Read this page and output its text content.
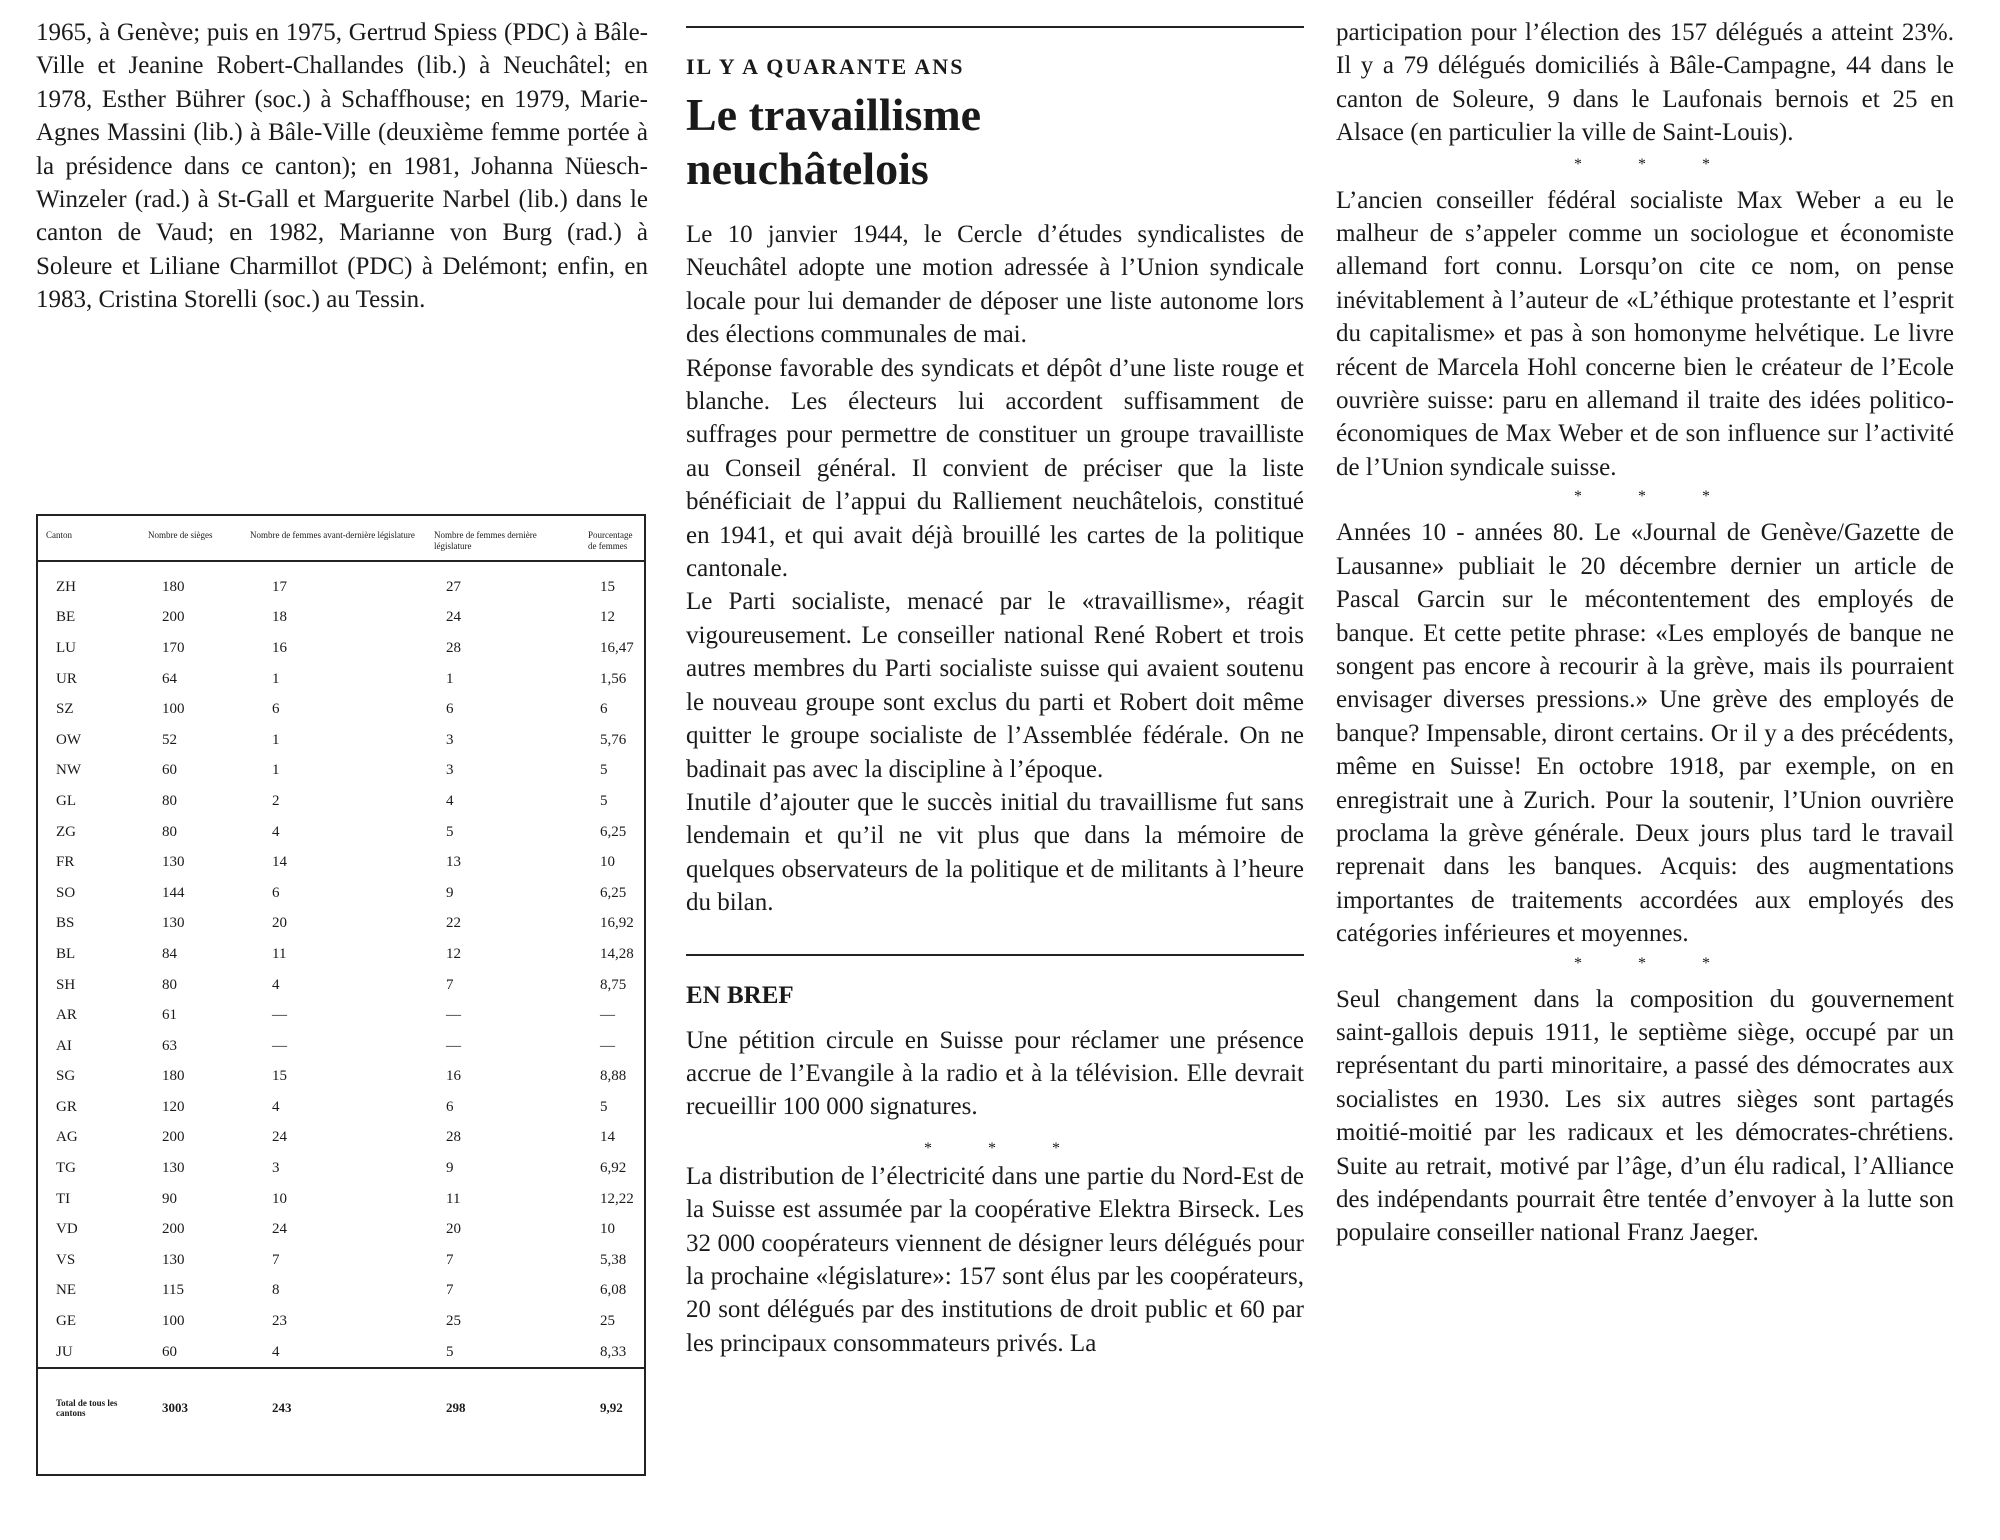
1965, à Genève; puis en 1975, Gertrud Spiess (PDC) à Bâle-Ville et Jeanine Robert-Challandes (lib.) à Neuchâtel; en 1978, Esther Bührer (soc.) à Schaffhouse; en 1979, Marie-Agnes Massini (lib.) à Bâle-Ville (deuxième femme portée à la présidence dans ce canton); en 1981, Johanna Nüesch-Winzeler (rad.) à St-Gall et Marguerite Narbel (lib.) dans le canton de Vaud; en 1982, Marianne von Burg (rad.) à Soleure et Liliane Charmillot (PDC) à Delémont; enfin, en 1983, Cristina Storelli (soc.) au Tessin.

Canton	Nombre de sièges	Nombre de femmes avant-dernière législature	Nombre de femmes dernière législature	Pourcentage de femmes
ZH	180	17	27	15
BE	200	18	24	12
LU	170	16	28	16,47
UR	64	1	1	1,56
SZ	100	6	6	6
OW	52	1	3	5,76
NW	60	1	3	5
GL	80	2	4	5
ZG	80	4	5	6,25
FR	130	14	13	10
SO	144	6	9	6,25
BS	130	20	22	16,92
BL	84	11	12	14,28
SH	80	4	7	8,75
AR	61	—	—	—
AI	63	—	—	—
SG	180	15	16	8,88
GR	120	4	6	5
AG	200	24	28	14
TG	130	3	9	6,92
TI	90	10	11	12,22
VD	200	24	20	10
VS	130	7	7	5,38
NE	115	8	7	6,08
GE	100	23	25	25
JU	60	4	5	8,33
Total de tous les cantons	3003	243	298	9,92
IL Y A QUARANTE ANS
Le travaillisme neuchâtelois

Le 10 janvier 1944, le Cercle d’études syndicalistes de Neuchâtel adopte une motion adressée à l’Union syndicale locale pour lui demander de déposer une liste autonome lors des élections communales de mai.

Réponse favorable des syndicats et dépôt d’une liste rouge et blanche. Les électeurs lui accordent suffisamment de suffrages pour permettre de constituer un groupe travailliste au Conseil général. Il convient de préciser que la liste bénéficiait de l’appui du Ralliement neuchâtelois, constitué en 1941, et qui avait déjà brouillé les cartes de la politique cantonale.

Le Parti socialiste, menacé par le «travaillisme», réagit vigoureusement. Le conseiller national René Robert et trois autres membres du Parti socialiste suisse qui avaient soutenu le nouveau groupe sont exclus du parti et Robert doit même quitter le groupe socialiste de l’Assemblée fédérale. On ne badinait pas avec la discipline à l’époque.

Inutile d’ajouter que le succès initial du travaillisme fut sans lendemain et qu’il ne vit plus que dans la mémoire de quelques observateurs de la politique et de militants à l’heure du bilan.

EN BREF

Une pétition circule en Suisse pour réclamer une présence accrue de l’Evangile à la radio et à la télévision. Elle devrait recueillir 100 000 signatures.

* * *

La distribution de l’électricité dans une partie du Nord-Est de la Suisse est assumée par la coopérative Elektra Birseck. Les 32 000 coopérateurs viennent de désigner leurs délégués pour la prochaine «législature»: 157 sont élus par les coopérateurs, 20 sont délégués par des institutions de droit public et 60 par les principaux consommateurs privés. La

participation pour l’élection des 157 délégués a atteint 23%. Il y a 79 délégués domiciliés à Bâle-Campagne, 44 dans le canton de Soleure, 9 dans le Laufonais bernois et 25 en Alsace (en particulier la ville de Saint-Louis).

* * *

L’ancien conseiller fédéral socialiste Max Weber a eu le malheur de s’appeler comme un sociologue et économiste allemand fort connu. Lorsqu’on cite ce nom, on pense inévitablement à l’auteur de «L’éthique protestante et l’esprit du capitalisme» et pas à son homonyme helvétique. Le livre récent de Marcela Hohl concerne bien le créateur de l’Ecole ouvrière suisse: paru en allemand il traite des idées politico-économiques de Max Weber et de son influence sur l’activité de l’Union syndicale suisse.

* * *

Années 10 - années 80. Le «Journal de Genève/Gazette de Lausanne» publiait le 20 décembre dernier un article de Pascal Garcin sur le mécontentement des employés de banque. Et cette petite phrase: «Les employés de banque ne songent pas encore à recourir à la grève, mais ils pourraient envisager diverses pressions.» Une grève des employés de banque? Impensable, diront certains. Or il y a des précédents, même en Suisse! En octobre 1918, par exemple, on en enregistrait une à Zurich. Pour la soutenir, l’Union ouvrière proclama la grève générale. Deux jours plus tard le travail reprenait dans les banques. Acquis: des augmentations importantes de traitements accordées aux employés des catégories inférieures et moyennes.

* * *

Seul changement dans la composition du gouvernement saint-gallois depuis 1911, le septième siège, occupé par un représentant du parti minoritaire, a passé des démocrates aux socialistes en 1930. Les six autres sièges sont partagés moitié-moitié par les radicaux et les démocrates-chrétiens. Suite au retrait, motivé par l’âge, d’un élu radical, l’Alliance des indépendants pourrait être tentée d’envoyer à la lutte son populaire conseiller national Franz Jaeger.
